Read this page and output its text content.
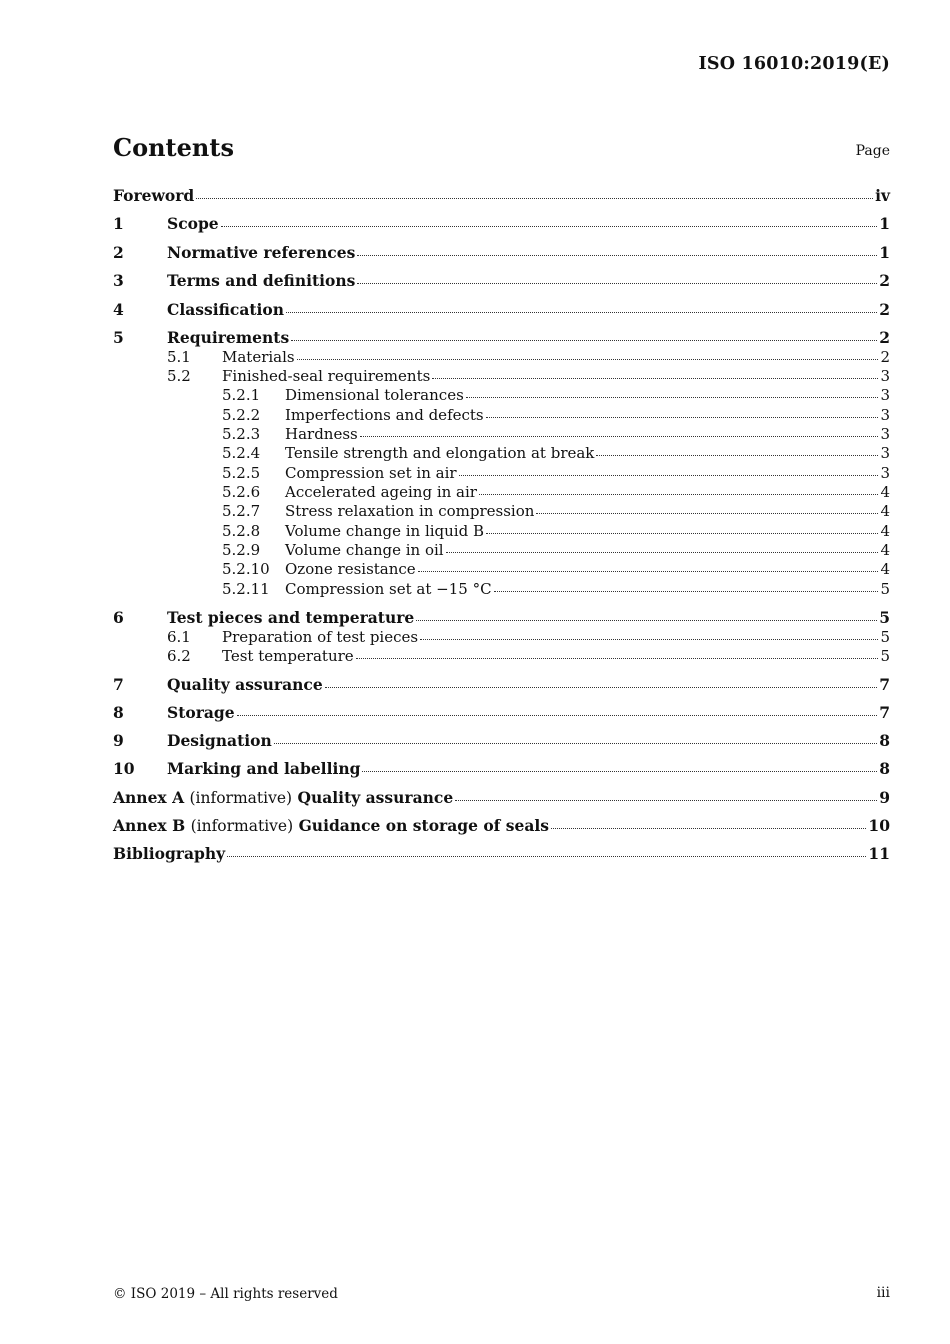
ISO 16010:2019(E)
Contents	Page
Foreword	iv
1	Scope	1
2	Normative references	1
3	Terms and definitions	2
4	Classification	2
5	Requirements	2
5.1	Materials	2
5.2	Finished-seal requirements	3
5.2.1	Dimensional tolerances	3
5.2.2	Imperfections and defects	3
5.2.3	Hardness	3
5.2.4	Tensile strength and elongation at break	3
5.2.5	Compression set in air	3
5.2.6	Accelerated ageing in air	4
5.2.7	Stress relaxation in compression	4
5.2.8	Volume change in liquid B	4
5.2.9	Volume change in oil	4
5.2.10	Ozone resistance	4
5.2.11	Compression set at −15 °C	5
6	Test pieces and temperature	5
6.1	Preparation of test pieces	5
6.2	Test temperature	5
7	Quality assurance	7
8	Storage	7
9	Designation	8
10	Marking and labelling	8
Annex A (informative) Quality assurance	9
Annex B (informative) Guidance on storage of seals	10
Bibliography	11
© ISO 2019 – All rights reserved	iii
